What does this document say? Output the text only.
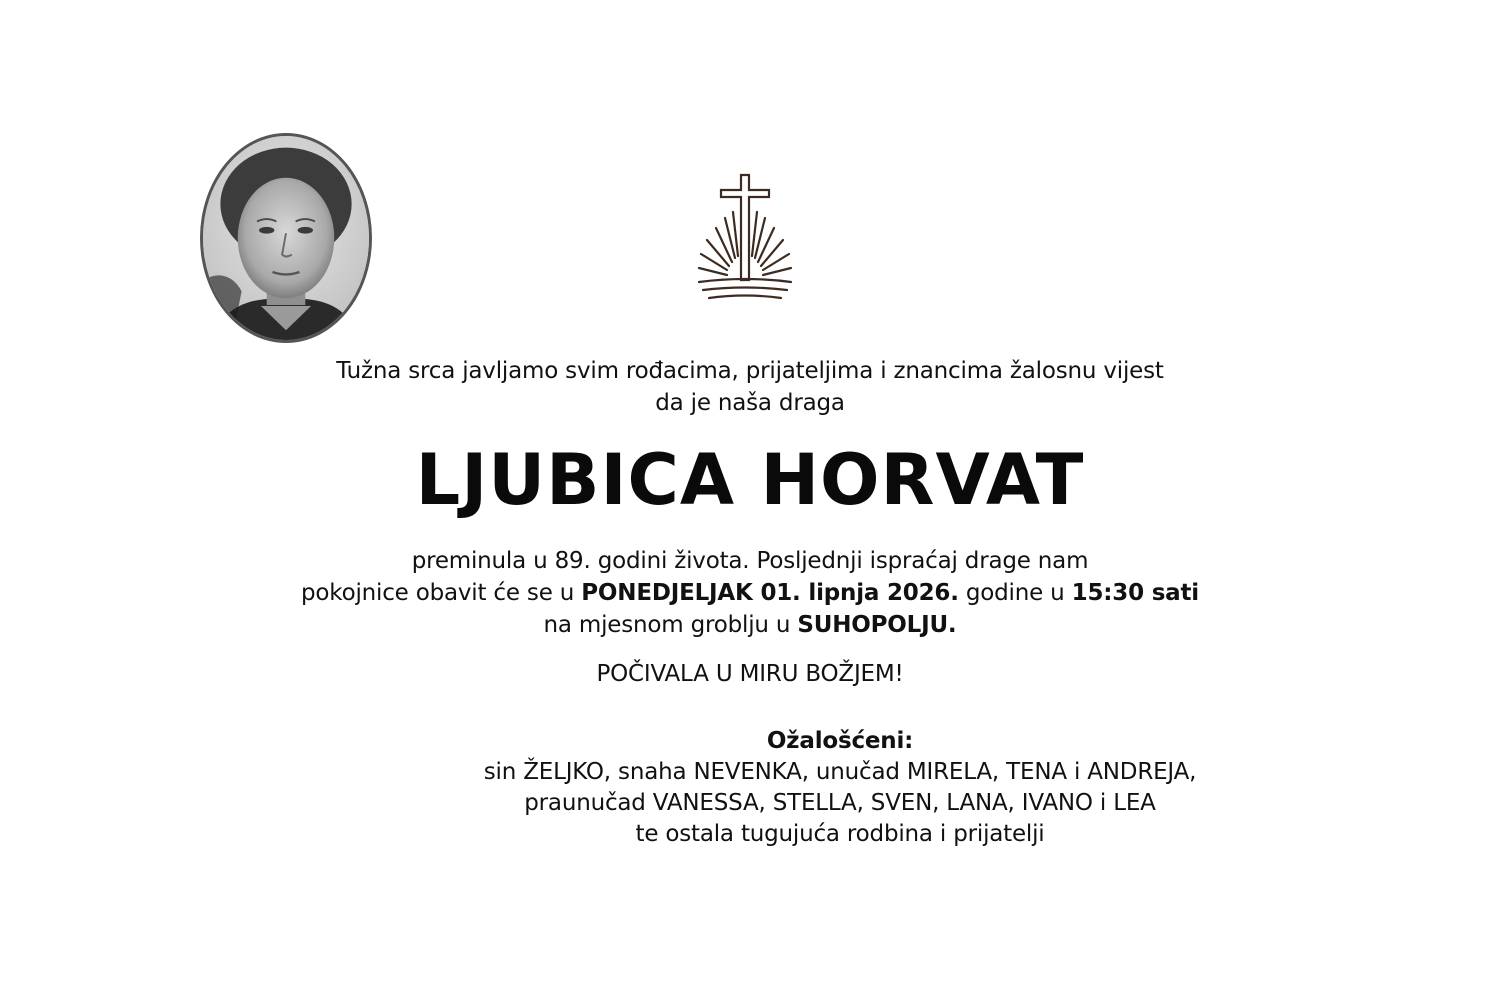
Tužna srca javljamo svim rođacima, prijateljima i znancima žalosnu vijest
da je naša draga
LJUBICA HORVAT
preminula u 89. godini života. Posljednji ispraćaj drage nam
pokojnice obavit će se u PONEDJELJAK 01. lipnja 2026. godine u 15:30 sati
na mjesnom groblju u SUHOPOLJU.
POČIVALA U MIRU BOŽJEM!
Ožalošćeni:
sin ŽELJKO, snaha NEVENKA, unučad MIRELA, TENA i ANDREJA,
praunučad VANESSA, STELLA, SVEN, LANA, IVANO i LEA
te ostala tugujuća rodbina i prijatelji
